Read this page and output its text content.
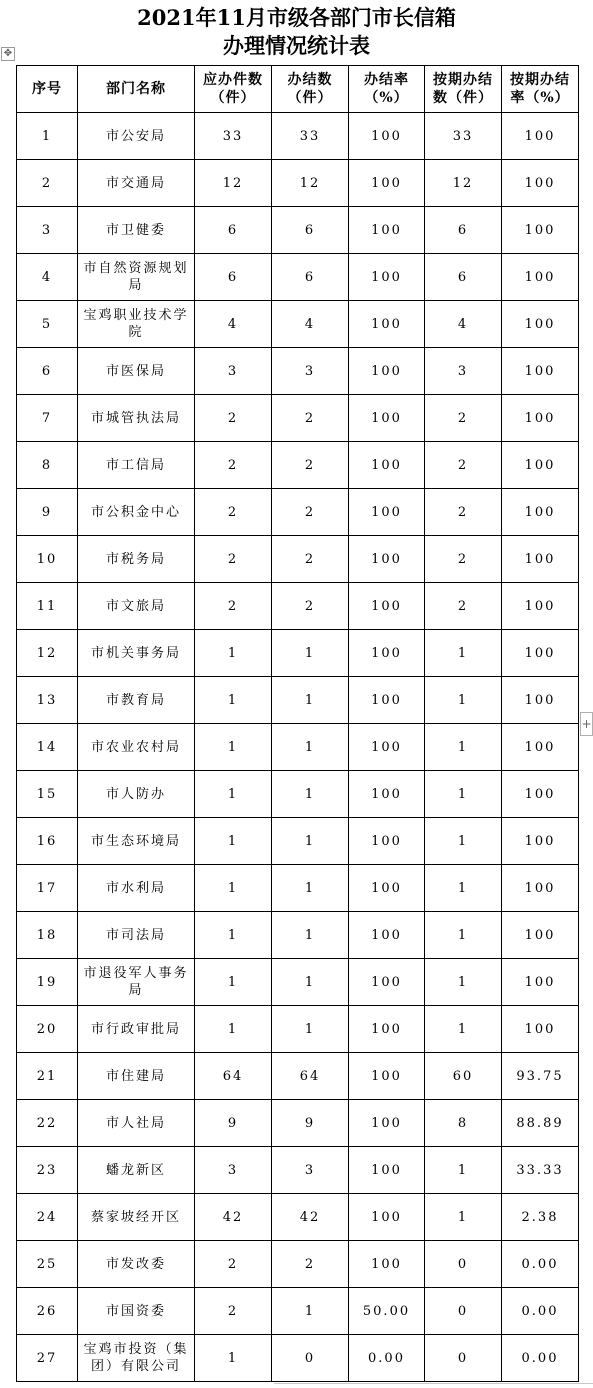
2021年11月市级各部门市长信箱
办理情况统计表
✥
序号	部门名称	应办件数（件）	办结数（件）	办结率（%）	按期办结数（件）	按期办结率（%）
1	市公安局	33	33	100	33	100
2	市交通局	12	12	100	12	100
3	市卫健委	6	6	100	6	100
4	市自然资源规划局	6	6	100	6	100
5	宝鸡职业技术学院	4	4	100	4	100
6	市医保局	3	3	100	3	100
7	市城管执法局	2	2	100	2	100
8	市工信局	2	2	100	2	100
9	市公积金中心	2	2	100	2	100
10	市税务局	2	2	100	2	100
11	市文旅局	2	2	100	2	100
12	市机关事务局	1	1	100	1	100
13	市教育局	1	1	100	1	100
14	市农业农村局	1	1	100	1	100
15	市人防办	1	1	100	1	100
16	市生态环境局	1	1	100	1	100
17	市水利局	1	1	100	1	100
18	市司法局	1	1	100	1	100
19	市退役军人事务局	1	1	100	1	100
20	市行政审批局	1	1	100	1	100
21	市住建局	64	64	100	60	93.75
22	市人社局	9	9	100	8	88.89
23	蟠龙新区	3	3	100	1	33.33
24	蔡家坡经开区	42	42	100	1	2.38
25	市发改委	2	2	100	0	0.00
26	市国资委	2	1	50.00	0	0.00
27	宝鸡市投资（集团）有限公司	1	0	0.00	0	0.00
+
